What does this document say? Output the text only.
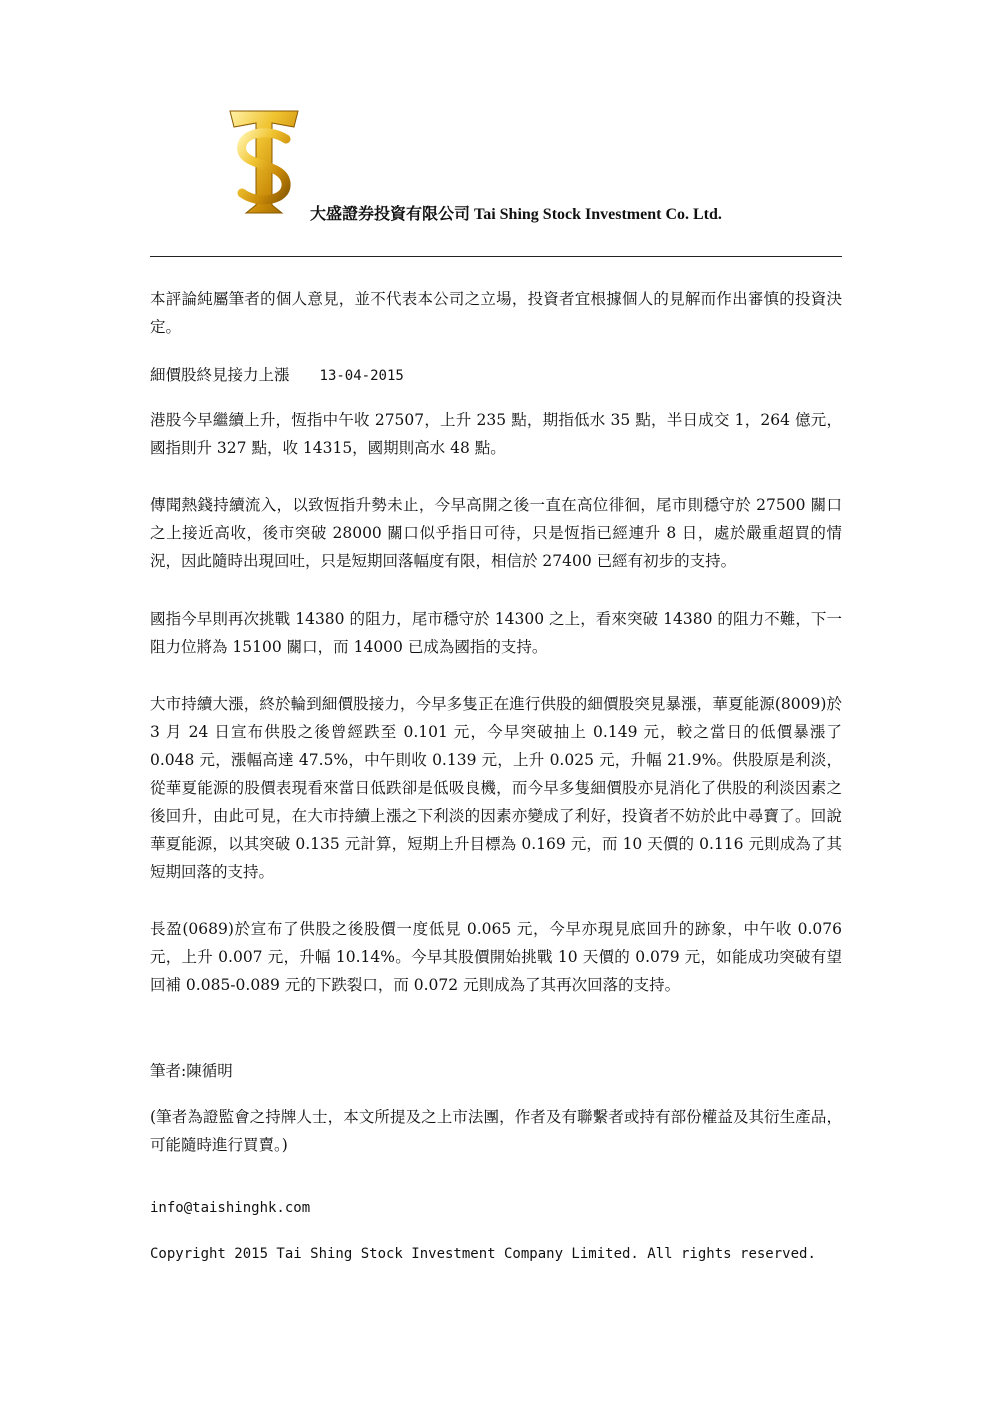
大盛證券投資有限公司 Tai Shing Stock Investment Co. Ltd.

本評論純屬筆者的個人意見，並不代表本公司之立場，投資者宜根據個人的見解而作出審慎的投資決定。

細價股終見接力上漲 13-04-2015

港股今早繼續上升，恆指中午收 27507，上升 235 點，期指低水 35 點，半日成交 1，264 億元，國指則升 327 點，收 14315，國期則高水 48 點。

傳聞熱錢持續流入，以致恆指升勢未止，今早高開之後一直在高位徘徊，尾市則穩守於 27500 關口之上接近高收，後市突破 28000 關口似乎指日可待，只是恆指已經連升 8 日，處於嚴重超買的情況，因此隨時出現回吐，只是短期回落幅度有限，相信於 27400 已經有初步的支持。

國指今早則再次挑戰 14380 的阻力，尾市穩守於 14300 之上，看來突破 14380 的阻力不難，下一阻力位將為 15100 關口，而 14000 已成為國指的支持。

大市持續大漲，終於輪到細價股接力，今早多隻正在進行供股的細價股突見暴漲，華夏能源(8009)於 3 月 24 日宣布供股之後曾經跌至 0.101 元，今早突破抽上 0.149 元，較之當日的低價暴漲了 0.048 元，漲幅高達 47.5%，中午則收 0.139 元，上升 0.025 元，升幅 21.9%。供股原是利淡，從華夏能源的股價表現看來當日低跌卻是低吸良機，而今早多隻細價股亦見消化了供股的利淡因素之後回升，由此可見，在大市持續上漲之下利淡的因素亦變成了利好，投資者不妨於此中尋寶了。回說華夏能源，以其突破 0.135 元計算，短期上升目標為 0.169 元，而 10 天價的 0.116 元則成為了其短期回落的支持。

長盈(0689)於宣布了供股之後股價一度低見 0.065 元，今早亦現見底回升的跡象，中午收 0.076 元，上升 0.007 元，升幅 10.14%。今早其股價開始挑戰 10 天價的 0.079 元，如能成功突破有望回補 0.085-0.089 元的下跌裂口，而 0.072 元則成為了其再次回落的支持。

筆者:陳循明

(筆者為證監會之持牌人士，本文所提及之上市法團，作者及有聯繫者或持有部份權益及其衍生產品，可能隨時進行買賣。)

info@taishinghk.com

Copyright 2015 Tai Shing Stock Investment Company Limited. All rights reserved.
